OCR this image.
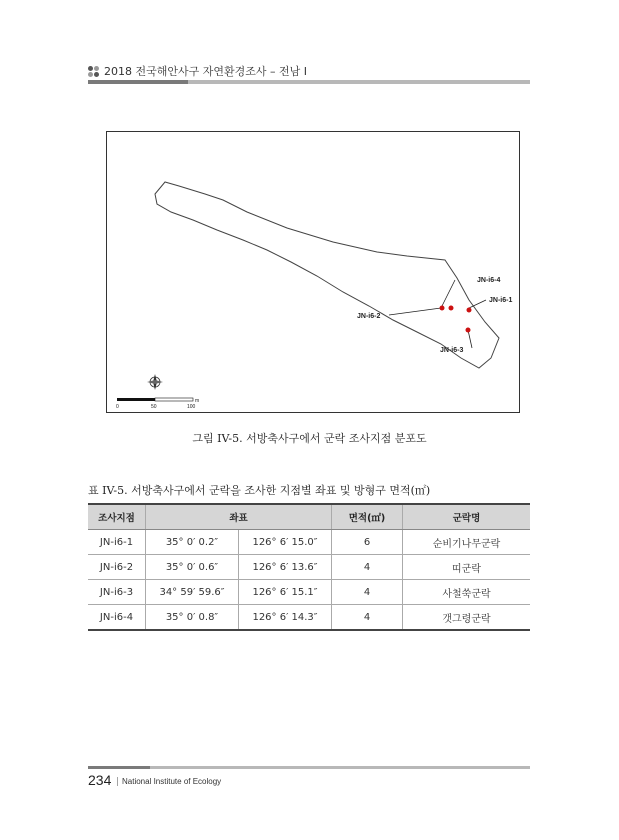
2018 전국해안사구 자연환경조사 – 전남 I
JN-i6-4
JN-i6-1
JN-i6-2
JN-i6-3
0	50	100
m
그림 IV-5. 서방축사구에서 군락 조사지점 분포도
표 IV-5. 서방축사구에서 군락을 조사한 지점별 좌표 및 방형구 면적(㎡)
조사지점	좌표		면적(㎡)	군락명
JN-i6-1	35° 0′ 0.2″	126° 6′ 15.0″	6	순비기나무군락
JN-i6-2	35° 0′ 0.6″	126° 6′ 13.6″	4	띠군락
JN-i6-3	34° 59′ 59.6″	126° 6′ 15.1″	4	사철쑥군락
JN-i6-4	35° 0′ 0.8″	126° 6′ 14.3″	4	갯그령군락
234 | National Institute of Ecology
